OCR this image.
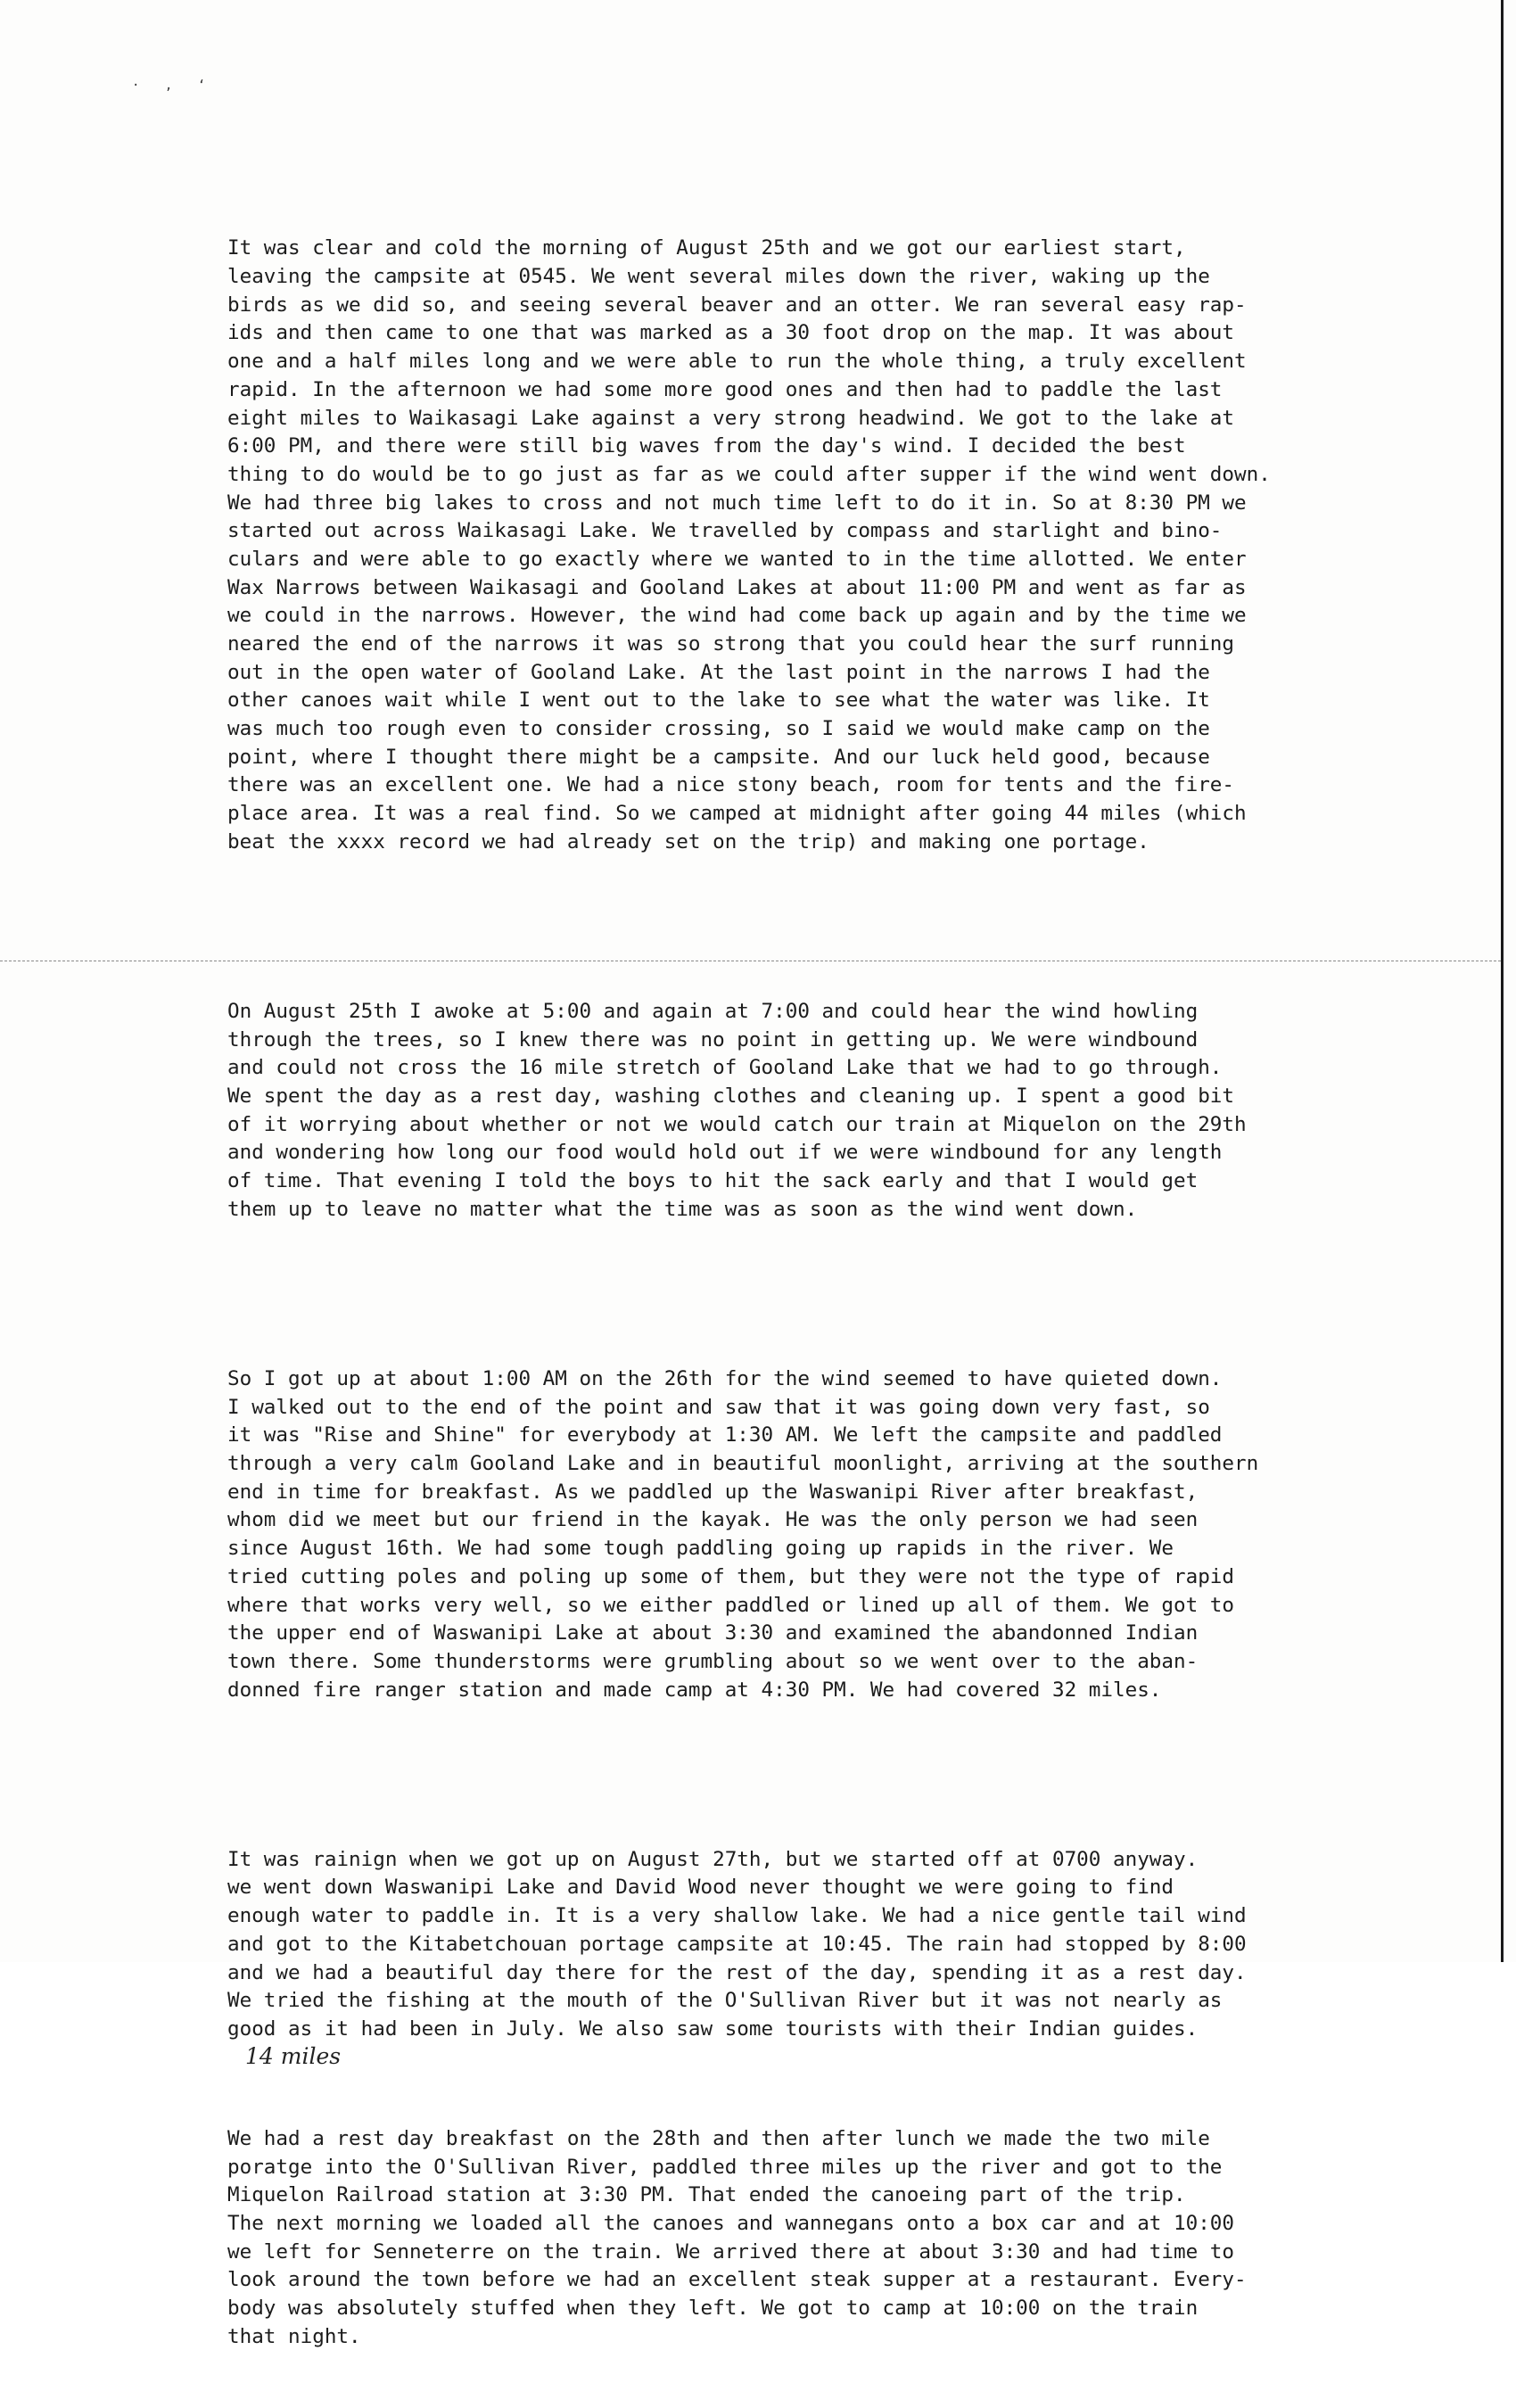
· , ‘

It was clear and cold the morning of August 25th and we got our earliest start,
leaving the campsite at 0545. We went several miles down the river, waking up the
birds as we did so, and seeing several beaver and an otter. We ran several easy rap-
ids and then came to one that was marked as a 30 foot drop on the map. It was about
one and a half miles long and we were able to run the whole thing, a truly excellent
rapid. In the afternoon we had some more good ones and then had to paddle the last
eight miles to Waikasagi Lake against a very strong headwind. We got to the lake at
6:00 PM, and there were still big waves from the day's wind. I decided the best
thing to do would be to go just as far as we could after supper if the wind went down.
We had three big lakes to cross and not much time left to do it in. So at 8:30 PM we
started out across Waikasagi Lake. We travelled by compass and starlight and bino-
culars and were able to go exactly where we wanted to in the time allotted. We enter
Wax Narrows between Waikasagi and Gooland Lakes at about 11:00 PM and went as far as
we could in the narrows. However, the wind had come back up again and by the time we
neared the end of the narrows it was so strong that you could hear the surf running
out in the open water of Gooland Lake. At the last point in the narrows I had the
other canoes wait while I went out to the lake to see what the water was like. It
was much too rough even to consider crossing, so I said we would make camp on the
point, where I thought there might be a campsite. And our luck held good, because
there was an excellent one. We had a nice stony beach, room for tents and the fire-
place area. It was a real find. So we camped at midnight after going 44 miles (which
beat the xxxx record we had already set on the trip) and making one portage.

On August 25th I awoke at 5:00 and again at 7:00 and could hear the wind howling
through the trees, so I knew there was no point in getting up. We were windbound
and could not cross the 16 mile stretch of Gooland Lake that we had to go through.
We spent the day as a rest day, washing clothes and cleaning up. I spent a good bit
of it worrying about whether or not we would catch our train at Miquelon on the 29th
and wondering how long our food would hold out if we were windbound for any length
of time. That evening I told the boys to hit the sack early and that I would get
them up to leave no matter what the time was as soon as the wind went down.

So I got up at about 1:00 AM on the 26th for the wind seemed to have quieted down.
I walked out to the end of the point and saw that it was going down very fast, so
it was "Rise and Shine" for everybody at 1:30 AM. We left the campsite and paddled
through a very calm Gooland Lake and in beautiful moonlight, arriving at the southern
end in time for breakfast. As we paddled up the Waswanipi River after breakfast,
whom did we meet but our friend in the kayak. He was the only person we had seen
since August 16th. We had some tough paddling going up rapids in the river. We
tried cutting poles and poling up some of them, but they were not the type of rapid
where that works very well, so we either paddled or lined up all of them. We got to
the upper end of Waswanipi Lake at about 3:30 and examined the abandonned Indian
town there. Some thunderstorms were grumbling about so we went over to the aban-
donned fire ranger station and made camp at 4:30 PM. We had covered 32 miles.

It was rainign when we got up on August 27th, but we started off at 0700 anyway.
we went down Waswanipi Lake and David Wood never thought we were going to find
enough water to paddle in. It is a very shallow lake. We had a nice gentle tail wind
and got to the Kitabetchouan portage campsite at 10:45. The rain had stopped by 8:00
and we had a beautiful day there for the rest of the day, spending it as a rest day.
We tried the fishing at the mouth of the O'Sullivan River but it was not nearly as
good as it had been in July. We also saw some tourists with their Indian guides.
14 miles

We had a rest day breakfast on the 28th and then after lunch we made the two mile
poratge into the O'Sullivan River, paddled three miles up the river and got to the
Miquelon Railroad station at 3:30 PM. That ended the canoeing part of the trip.
The next morning we loaded all the canoes and wannegans onto a box car and at 10:00
we left for Senneterre on the train. We arrived there at about 3:30 and had time to
look around the town before we had an excellent steak supper at a restaurant. Every-
body was absolutely stuffed when they left. We got to camp at 10:00 on the train
that night.
